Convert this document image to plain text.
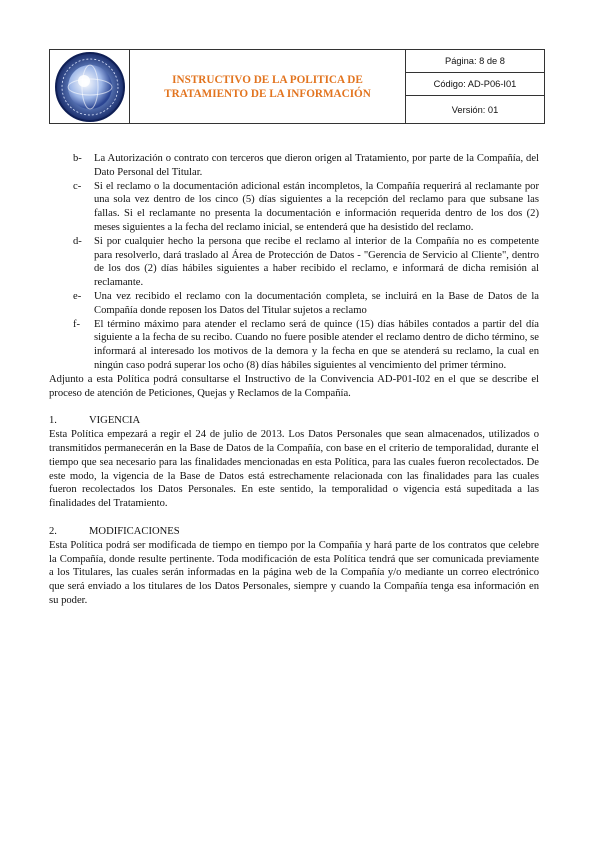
INSTRUCTIVO DE LA POLITICA DE
TRATAMIENTO DE LA INFORMACIÓN
Página: 8 de 8
Código: AD-P06-I01
Versión: 01
b-	La Autorización o contrato con terceros que dieron origen al Tratamiento, por parte de la Compañía, del Dato Personal del Titular.
c-	Si el reclamo o la documentación adicional están incompletos, la Compañía requerirá al reclamante por una sola vez dentro de los cinco (5) días siguientes a la recepción del reclamo para que subsane las fallas. Si el reclamante no presenta la documentación e información requerida dentro de los dos (2) meses siguientes a la fecha del reclamo inicial, se entenderá que ha desistido del reclamo.
d-	Si por cualquier hecho la persona que recibe el reclamo al interior de la Compañía no es competente para resolverlo, dará traslado al Área de Protección de Datos - "Gerencia de Servicio al Cliente", dentro de los dos (2) días hábiles siguientes a haber recibido el reclamo, e informará de dicha remisión al reclamante.
e-	Una vez recibido el reclamo con la documentación completa, se incluirá en la Base de Datos de la Compañía donde reposen los Datos del Titular sujetos a reclamo
f-	El término máximo para atender el reclamo será de quince (15) días hábiles contados a partir del día siguiente a la fecha de su recibo. Cuando no fuere posible atender el reclamo dentro de dicho término, se informará al interesado los motivos de la demora y la fecha en que se atenderá su reclamo, la cual en ningún caso podrá superar los ocho (8) días hábiles siguientes al vencimiento del primer término.

Adjunto a esta Política podrá consultarse el Instructivo de la Convivencia AD-P01-I02 en el que se describe el proceso de atención de Peticiones, Quejas y Reclamos de la Compañía.

1.	VIGENCIA

Esta Política empezará a regir el 24 de julio de 2013. Los Datos Personales que sean almacenados, utilizados o transmitidos permanecerán en la Base de Datos de la Compañía, con base en el criterio de temporalidad, durante el tiempo que sea necesario para las finalidades mencionadas en esta Política, para las cuales fueron recolectados. De este modo, la vigencia de la Base de Datos está estrechamente relacionada con las finalidades para las cuales fueron recolectados los Datos Personales. En este sentido, la temporalidad o vigencia está supeditada a las finalidades del Tratamiento.

2.	MODIFICACIONES

Esta Política podrá ser modificada de tiempo en tiempo por la Compañía y hará parte de los contratos que celebre la Compañía, donde resulte pertinente. Toda modificación de esta Política tendrá que ser comunicada previamente a los Titulares, las cuales serán informadas en la página web de la Compañía y/o mediante un correo electrónico que será enviado a los titulares de los Datos Personales, siempre y cuando la Compañía tenga esa información en su poder.
